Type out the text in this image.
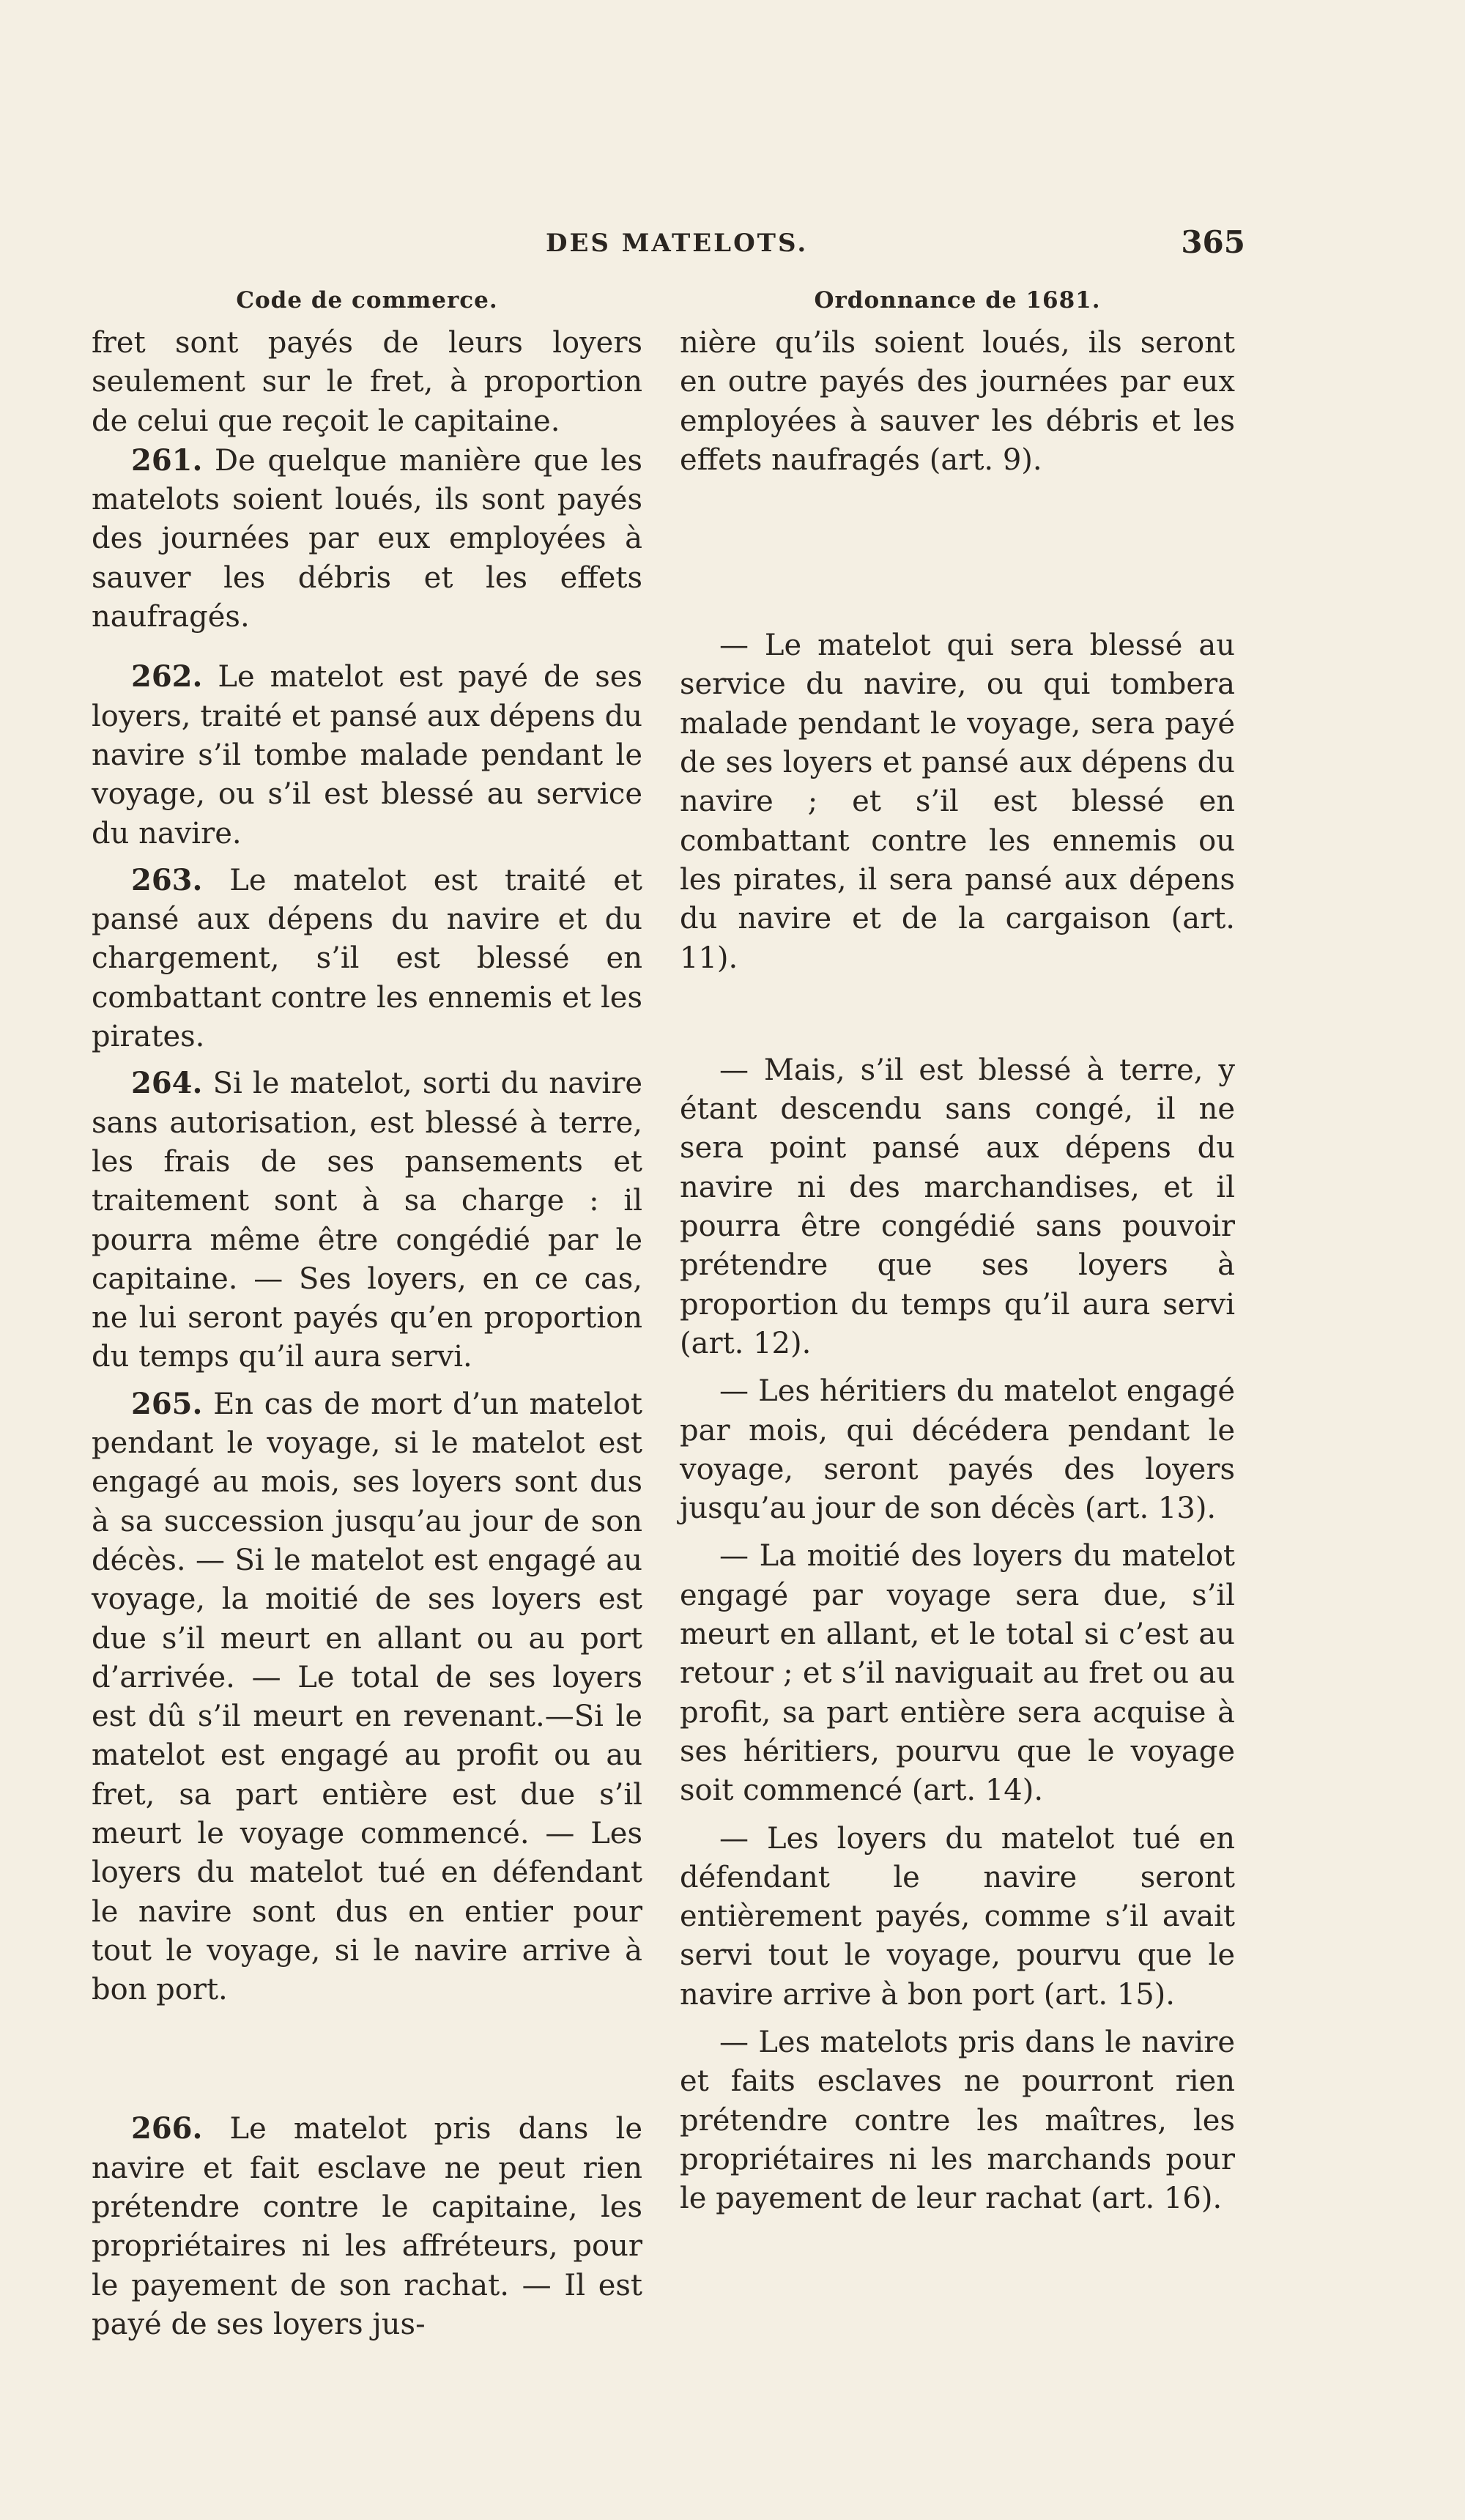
DES MATELOTS.	365
Code de commerce.

fret sont payés de leurs loyers seulement sur le fret, à proportion de celui que reçoit le capitaine.

261. De quelque manière que les matelots soient loués, ils sont payés des journées par eux employées à sauver les débris et les effets naufragés.

262. Le matelot est payé de ses loyers, traité et pansé aux dépens du navire s’il tombe malade pendant le voyage, ou s’il est blessé au service du navire.

263. Le matelot est traité et pansé aux dépens du navire et du chargement, s’il est blessé en combattant contre les ennemis et les pirates.

264. Si le matelot, sorti du navire sans autorisation, est blessé à terre, les frais de ses pansements et traitement sont à sa charge : il pourra même être congédié par le capitaine. — Ses loyers, en ce cas, ne lui seront payés qu’en proportion du temps qu’il aura servi.

265. En cas de mort d’un matelot pendant le voyage, si le matelot est engagé au mois, ses loyers sont dus à sa succession jusqu’au jour de son décès. — Si le matelot est engagé au voyage, la moitié de ses loyers est due s’il meurt en allant ou au port d’arrivée. — Le total de ses loyers est dû s’il meurt en revenant.—Si le matelot est engagé au profit ou au fret, sa part entière est due s’il meurt le voyage commencé. — Les loyers du matelot tué en défendant le navire sont dus en entier pour tout le voyage, si le navire arrive à bon port.

266. Le matelot pris dans le navire et fait esclave ne peut rien prétendre contre le capitaine, les propriétaires ni les affréteurs, pour le payement de son rachat. — Il est payé de ses loyers jus-

Ordonnance de 1681.

nière qu’ils soient loués, ils seront en outre payés des journées par eux employées à sauver les débris et les effets naufragés (art. 9).

— Le matelot qui sera blessé au service du navire, ou qui tombera malade pendant le voyage, sera payé de ses loyers et pansé aux dépens du navire ; et s’il est blessé en combattant contre les ennemis ou les pirates, il sera pansé aux dépens du navire et de la cargaison (art. 11).

— Mais, s’il est blessé à terre, y étant descendu sans congé, il ne sera point pansé aux dépens du navire ni des marchandises, et il pourra être congédié sans pouvoir prétendre que ses loyers à proportion du temps qu’il aura servi (art. 12).

— Les héritiers du matelot engagé par mois, qui décédera pendant le voyage, seront payés des loyers jusqu’au jour de son décès (art. 13).

— La moitié des loyers du matelot engagé par voyage sera due, s’il meurt en allant, et le total si c’est au retour ; et s’il naviguait au fret ou au profit, sa part entière sera acquise à ses héritiers, pourvu que le voyage soit commencé (art. 14).

— Les loyers du matelot tué en défendant le navire seront entièrement payés, comme s’il avait servi tout le voyage, pourvu que le navire arrive à bon port (art. 15).

— Les matelots pris dans le navire et faits esclaves ne pourront rien prétendre contre les maîtres, les propriétaires ni les marchands pour le payement de leur rachat (art. 16).
